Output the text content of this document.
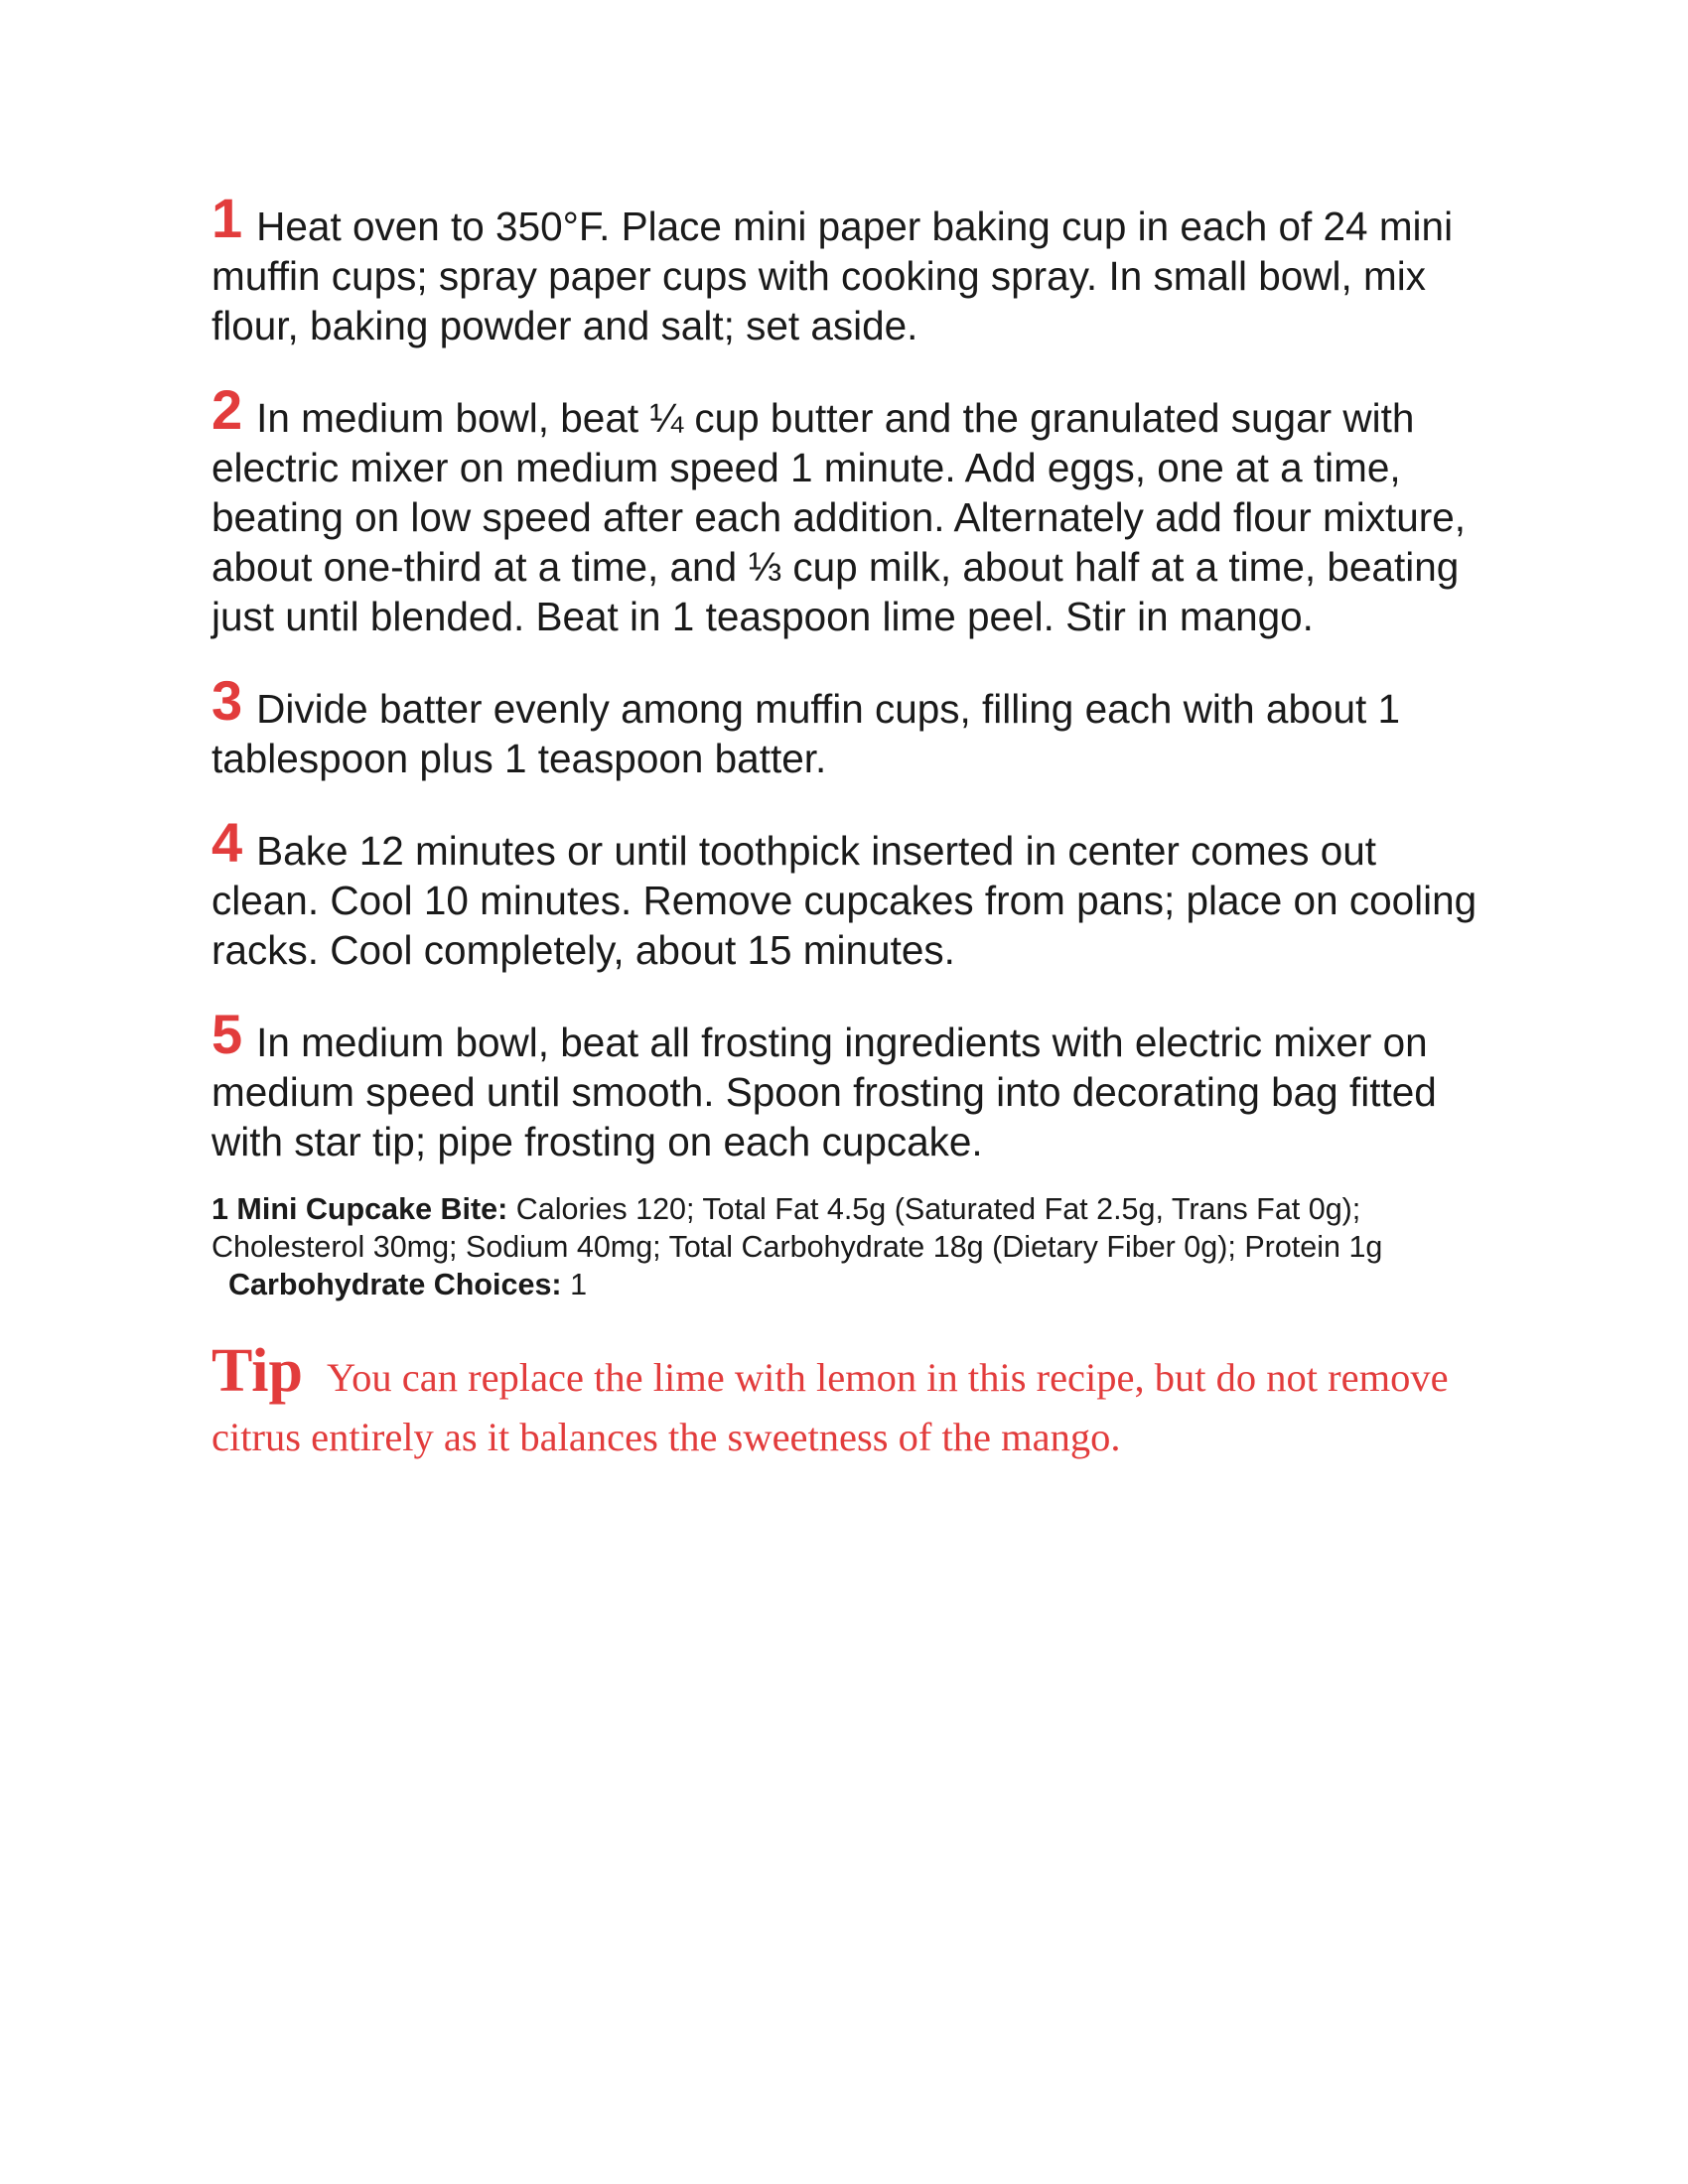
1 Heat oven to 350°F. Place mini paper baking cup in each of 24 mini muffin cups; spray paper cups with cooking spray. In small bowl, mix flour, baking powder and salt; set aside.
2 In medium bowl, beat ¼ cup butter and the granulated sugar with electric mixer on medium speed 1 minute. Add eggs, one at a time, beating on low speed after each addition. Alternately add flour mixture, about one-third at a time, and ⅓ cup milk, about half at a time, beating just until blended. Beat in 1 teaspoon lime peel. Stir in mango.
3 Divide batter evenly among muffin cups, filling each with about 1 tablespoon plus 1 teaspoon batter.
4 Bake 12 minutes or until toothpick inserted in center comes out clean. Cool 10 minutes. Remove cupcakes from pans; place on cooling racks. Cool completely, about 15 minutes.
5 In medium bowl, beat all frosting ingredients with electric mixer on medium speed until smooth. Spoon frosting into decorating bag fitted with star tip; pipe frosting on each cupcake.
1 Mini Cupcake Bite: Calories 120; Total Fat 4.5g (Saturated Fat 2.5g, Trans Fat 0g); Cholesterol 30mg; Sodium 40mg; Total Carbohydrate 18g (Dietary Fiber 0g); Protein 1g
Carbohydrate Choices: 1
Tip You can replace the lime with lemon in this recipe, but do not remove citrus entirely as it balances the sweetness of the mango.
